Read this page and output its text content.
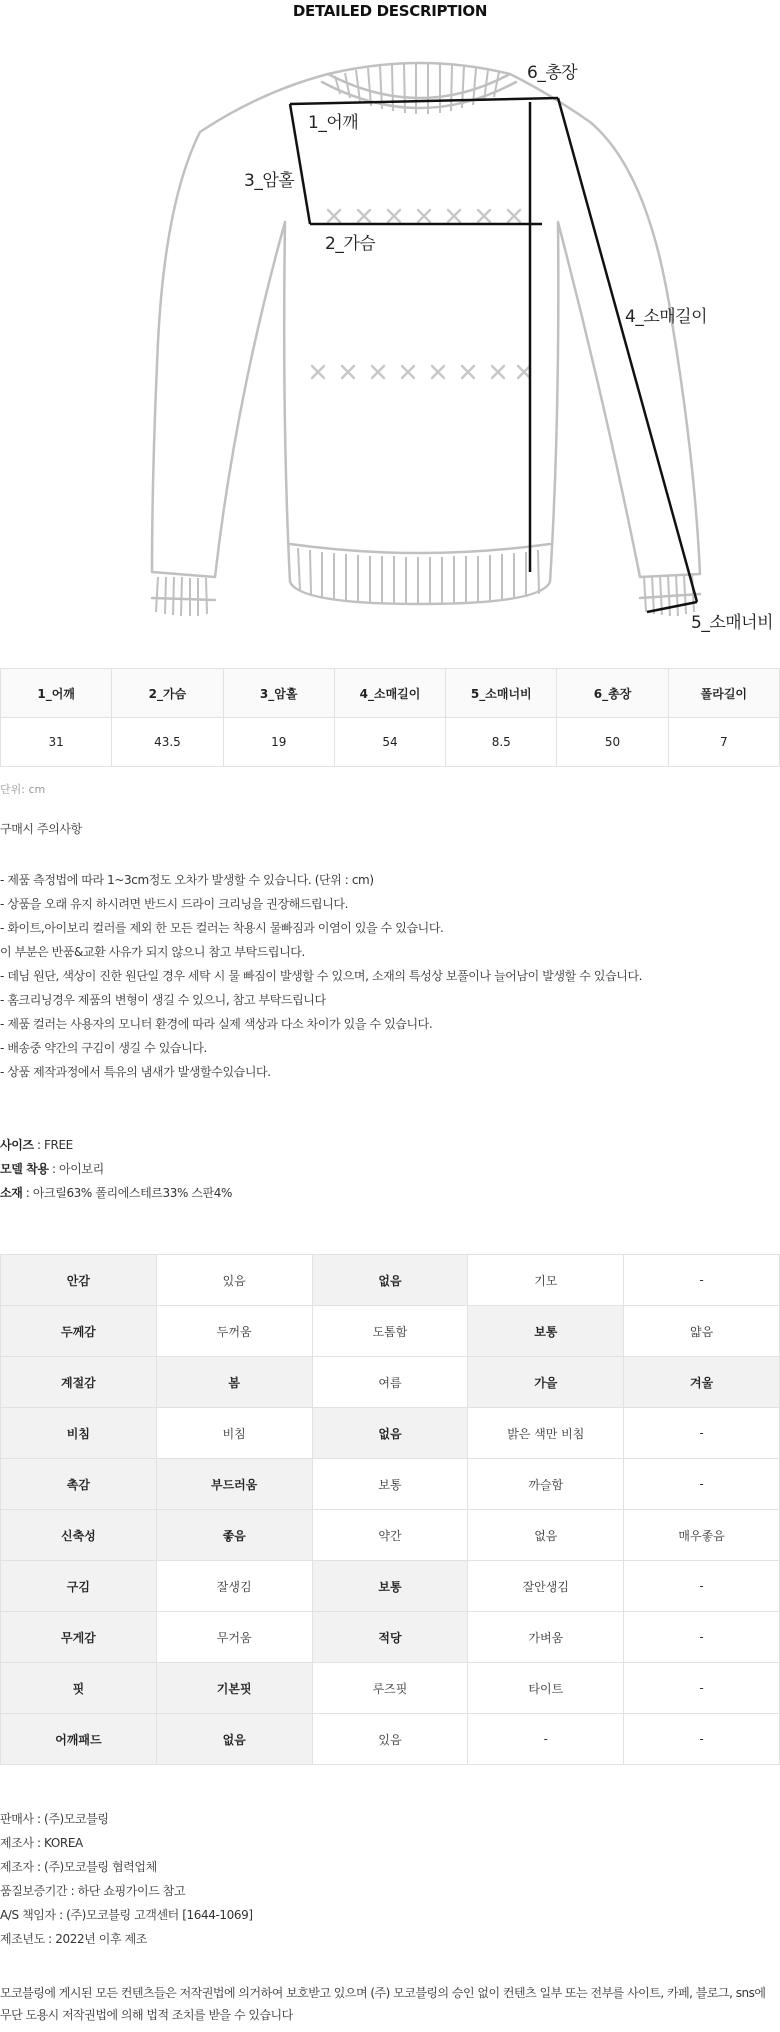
DETAILED DESCRIPTION
1_어깨
3_암홀
2_가슴
6_총장
4_소매길이
5_소매너비
1_어깨	2_가슴	3_암홀	4_소매길이	5_소매너비	6_총장	폴라길이
31	43.5	19	54	8.5	50	7
단위: cm
구매시 주의사항
- 제품 측정법에 따라 1~3cm정도 오차가 발생할 수 있습니다. (단위 : cm)
- 상품을 오래 유지 하시려면 반드시 드라이 크리닝을 권장해드립니다.
- 화이트,아이보리 컬러를 제외 한 모든 컬러는 착용시 물빠짐과 이염이 있을 수 있습니다.
이 부분은 반품&교환 사유가 되지 않으니 참고 부탁드립니다.
- 데님 원단, 색상이 진한 원단일 경우 세탁 시 물 빠짐이 발생할 수 있으며, 소재의 특성상 보풀이나 늘어남이 발생할 수 있습니다.
- 홈크리닝경우 제품의 변형이 생길 수 있으니, 참고 부탁드립니다
- 제품 컬러는 사용자의 모니터 환경에 따라 실제 색상과 다소 차이가 있을 수 있습니다.
- 배송중 약간의 구김이 생길 수 있습니다.
- 상품 제작과정에서 특유의 냄새가 발생할수있습니다.
사이즈 : FREE
모델 착용 : 아이보리
소재 : 아크릴63% 폴리에스테르33% 스판4%
안감	있음	없음	기모	-
두께감	두꺼움	도톰함	보통	얇음
계절감	봄	여름	가을	겨울
비침	비침	없음	밝은 색만 비침	-
촉감	부드러움	보통	까슬함	-
신축성	좋음	약간	없음	매우좋음
구김	잘생김	보통	잘안생김	-
무게감	무거움	적당	가벼움	-
핏	기본핏	루즈핏	타이트	-
어깨패드	없음	있음	-	-
판매사 : (주)모코블링
제조사 : KOREA
제조자 : (주)모코블링 협력업체
품질보증기간 : 하단 쇼핑가이드 참고
A/S 책임자 : (주)모코블링 고객센터 [1644-1069]
제조년도 : 2022년 이후 제조
모코블링에 게시된 모든 컨텐츠들은 저작권법에 의거하여 보호받고 있으며 (주) 모코블링의 승인 없이 컨텐츠 일부 또는 전부를 사이트, 카페, 블로그, sns에
무단 도용시 저작권법에 의해 법적 조치를 받을 수 있습니다
